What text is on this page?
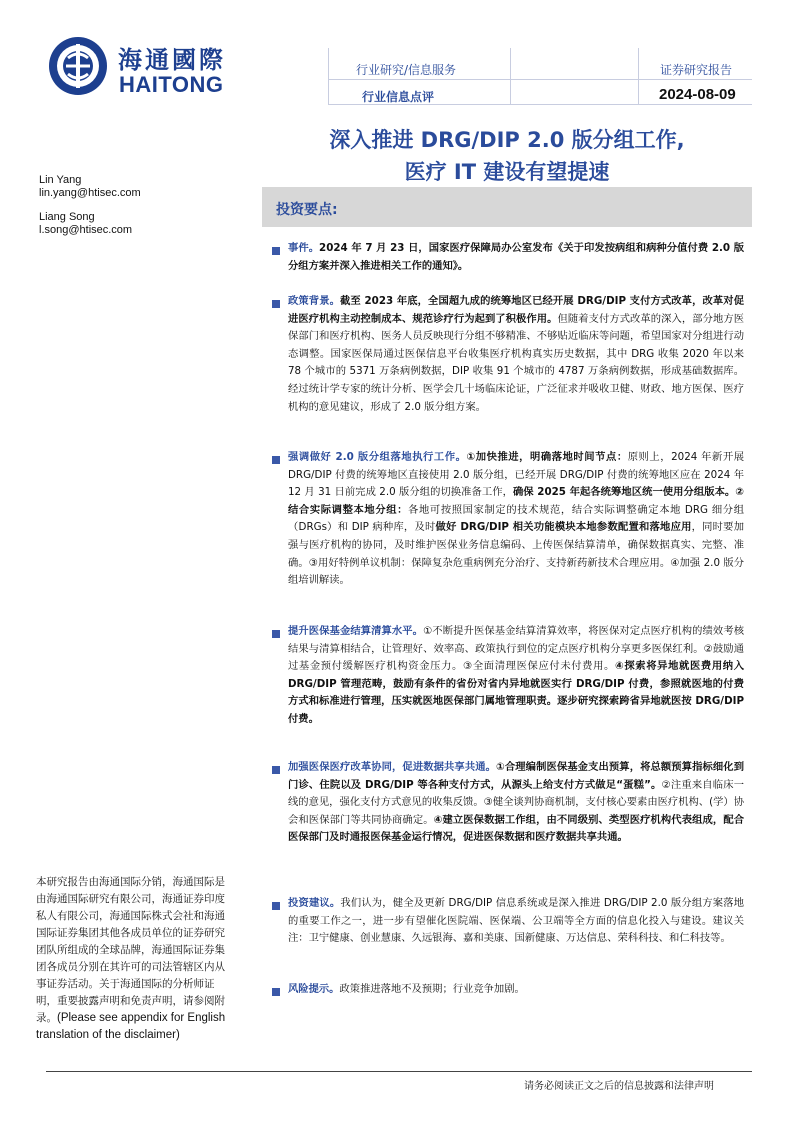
海通國際
HAITONG
行业研究/信息服务
行业信息点评
证券研究报告
2024-08-09
深入推进 DRG/DIP 2.0 版分组工作,
医疗 IT 建设有望提速
Lin Yang
lin.yang@htisec.com
Liang Song
l.song@htisec.com
投资要点:
事件。2024 年 7 月 23 日，国家医疗保障局办公室发布《关于印发按病组和病种分值付费 2.0 版分组方案并深入推进相关工作的通知》。
政策背景。截至 2023 年底，全国超九成的统筹地区已经开展 DRG/DIP 支付方式改革，改革对促进医疗机构主动控制成本、规范诊疗行为起到了积极作用。但随着支付方式改革的深入，部分地方医保部门和医疗机构、医务人员反映现行分组不够精准、不够贴近临床等问题，希望国家对分组进行动态调整。国家医保局通过医保信息平台收集医疗机构真实历史数据，其中 DRG 收集 2020 年以来 78 个城市的 5371 万条病例数据，DIP 收集 91 个城市的 4787 万条病例数据，形成基础数据库。经过统计学专家的统计分析、医学会几十场临床论证，广泛征求并吸收卫健、财政、地方医保、医疗机构的意见建议，形成了 2.0 版分组方案。
强调做好 2.0 版分组落地执行工作。①加快推进，明确落地时间节点：原则上，2024 年新开展 DRG/DIP 付费的统筹地区直接使用 2.0 版分组，已经开展 DRG/DIP 付费的统筹地区应在 2024 年 12 月 31 日前完成 2.0 版分组的切换准备工作，确保 2025 年起各统筹地区统一使用分组版本。②结合实际调整本地分组：各地可按照国家制定的技术规范，结合实际调整确定本地 DRG 细分组（DRGs）和 DIP 病种库，及时做好 DRG/DIP 相关功能模块本地参数配置和落地应用，同时要加强与医疗机构的协同，及时维护医保业务信息编码、上传医保结算清单，确保数据真实、完整、准确。③用好特例单议机制：保障复杂危重病例充分治疗、支持新药新技术合理应用。④加强 2.0 版分组培训解读。
提升医保基金结算清算水平。①不断提升医保基金结算清算效率，将医保对定点医疗机构的绩效考核结果与清算相结合，让管理好、效率高、政策执行到位的定点医疗机构分享更多医保红利。②鼓励通过基金预付缓解医疗机构资金压力。③全面清理医保应付未付费用。④探索将异地就医费用纳入 DRG/DIP 管理范畴，鼓励有条件的省份对省内异地就医实行 DRG/DIP 付费，参照就医地的付费方式和标准进行管理，压实就医地医保部门属地管理职责。逐步研究探索跨省异地就医按 DRG/DIP 付费。
加强医保医疗改革协同，促进数据共享共通。①合理编制医保基金支出预算，将总额预算指标细化到门诊、住院以及 DRG/DIP 等各种支付方式，从源头上给支付方式做足“蛋糕”。②注重来自临床一线的意见，强化支付方式意见的收集反馈。③健全谈判协商机制，支付核心要素由医疗机构、(学）协会和医保部门等共同协商确定。④建立医保数据工作组，由不同级别、类型医疗机构代表组成，配合医保部门及时通报医保基金运行情况，促进医保数据和医疗数据共享共通。
投资建议。我们认为，健全及更新 DRG/DIP 信息系统或是深入推进 DRG/DIP 2.0 版分组方案落地的重要工作之一，进一步有望催化医院端、医保端、公卫端等全方面的信息化投入与建设。建议关注：卫宁健康、创业慧康、久远银海、嘉和美康、国新健康、万达信息、荣科科技、和仁科技等。
风险提示。政策推进落地不及预期；行业竞争加剧。
本研究报告由海通国际分销，海通国际是由海通国际研究有限公司，海通证券印度私人有限公司，海通国际株式会社和海通国际证券集团其他各成员单位的证券研究团队所组成的全球品牌，海通国际证券集团各成员分别在其许可的司法管辖区内从事证券活动。关于海通国际的分析师证明，重要披露声明和免责声明，请参阅附录。(Please see appendix for English translation of the disclaimer)
请务必阅读正文之后的信息披露和法律声明
